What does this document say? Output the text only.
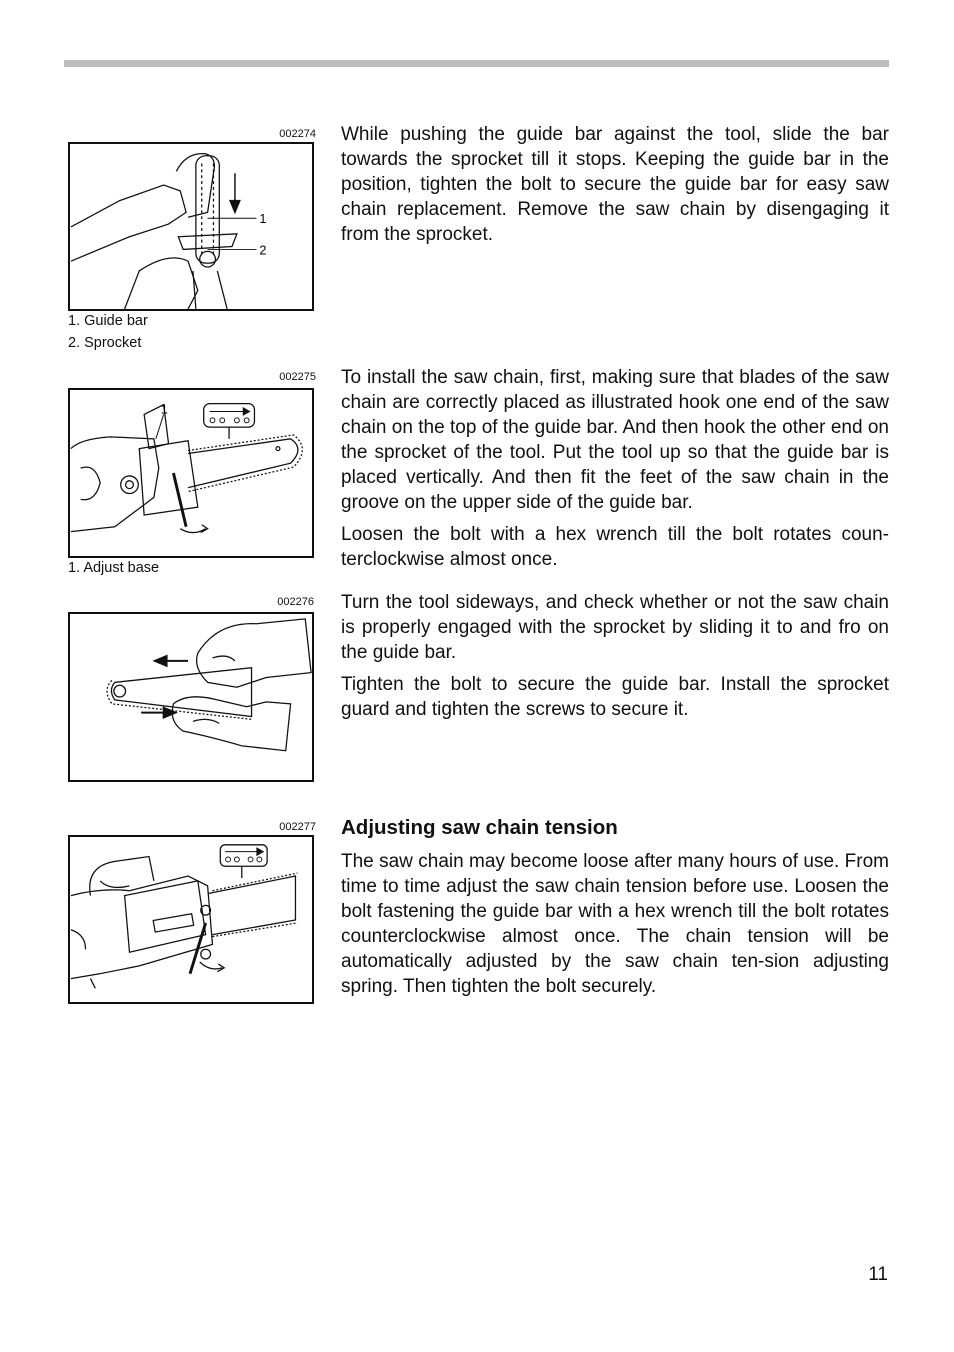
002274
1
2
1. Guide bar
2. Sprocket

While pushing the guide bar against the tool, slide the bar towards the sprocket till it stops. Keeping the guide bar in the position, tighten the bolt to secure the guide bar for easy saw chain replacement. Remove the saw chain by disengaging it from the sprocket.

002275
1
1. Adjust base

To install the saw chain, first, making sure that blades of the saw chain are correctly placed as illustrated hook one end of the saw chain on the top of the guide bar. And then hook the other end on the sprocket of the tool. Put the tool up so that the guide bar is placed vertically. And then fit the feet of the saw chain in the groove on the upper side of the guide bar.

Loosen the bolt with a hex wrench till the bolt rotates coun-terclockwise almost once.

002276 Turn the tool sideways, and check whether or not the saw chain is properly engaged with the sprocket by sliding it to and fro on the guide bar.

Tighten the bolt to secure the guide bar. Install the sprocket guard and tighten the screws to secure it.

002277 Adjusting saw chain tension

The saw chain may become loose after many hours of use. From time to time adjust the saw chain tension before use. Loosen the bolt fastening the guide bar with a hex wrench till the bolt rotates counterclockwise almost once. The chain tension will be automatically adjusted by the saw chain ten-sion adjusting spring. Then tighten the bolt securely.

11
